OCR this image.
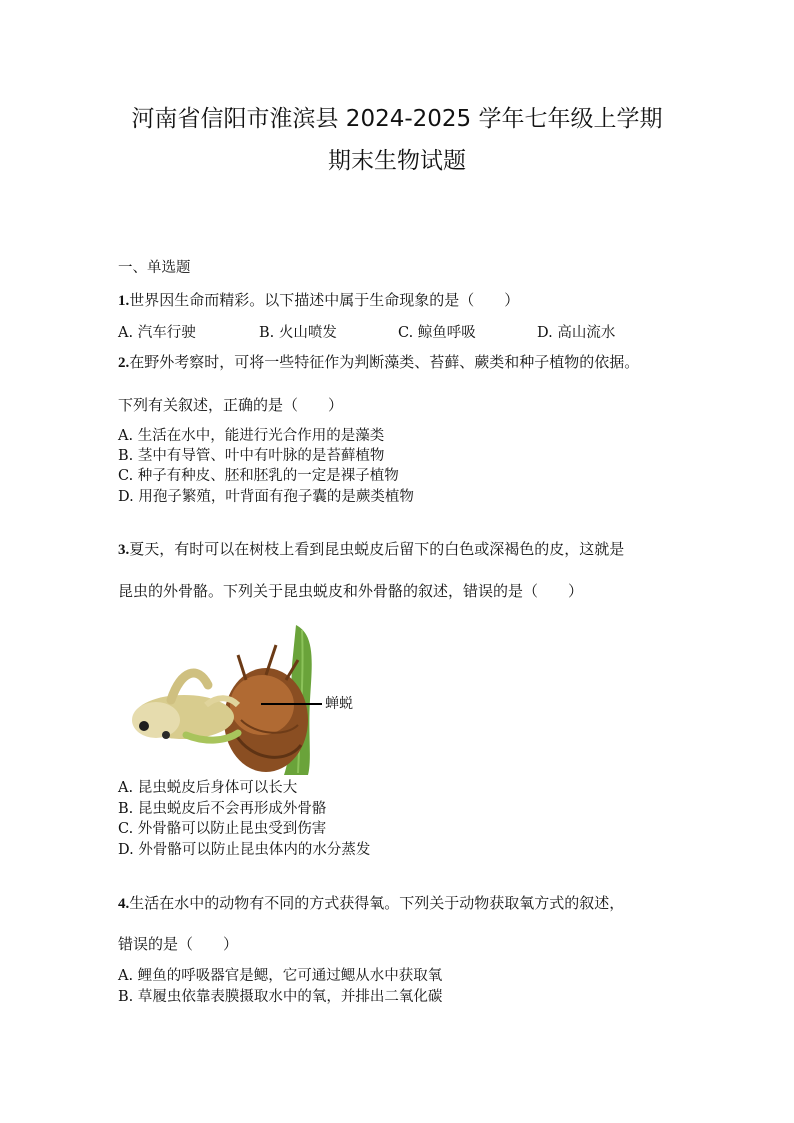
河南省信阳市淮滨县 2024-2025 学年七年级上学期
期末生物试题
一、单选题
1.世界因生命而精彩。以下描述中属于生命现象的是（　　）
A. 汽车行驶	B. 火山喷发	C. 鲸鱼呼吸	D. 高山流水
2.在野外考察时，可将一些特征作为判断藻类、苔藓、蕨类和种子植物的依据。
下列有关叙述，正确的是（　　）
A. 生活在水中，能进行光合作用的是藻类
B. 茎中有导管、叶中有叶脉的是苔藓植物
C. 种子有种皮、胚和胚乳的一定是裸子植物
D. 用孢子繁殖，叶背面有孢子囊的是蕨类植物
3.夏天，有时可以在树枝上看到昆虫蜕皮后留下的白色或深褐色的皮，这就是
昆虫的外骨骼。下列关于昆虫蜕皮和外骨骼的叙述，错误的是（　　）
蝉蜕
A. 昆虫蜕皮后身体可以长大
B. 昆虫蜕皮后不会再形成外骨骼
C. 外骨骼可以防止昆虫受到伤害
D. 外骨骼可以防止昆虫体内的水分蒸发
4.生活在水中的动物有不同的方式获得氧。下列关于动物获取氧方式的叙述，
错误的是（　　）
A. 鲤鱼的呼吸器官是鳃，它可通过鳃从水中获取氧
B. 草履虫依靠表膜摄取水中的氧，并排出二氧化碳
